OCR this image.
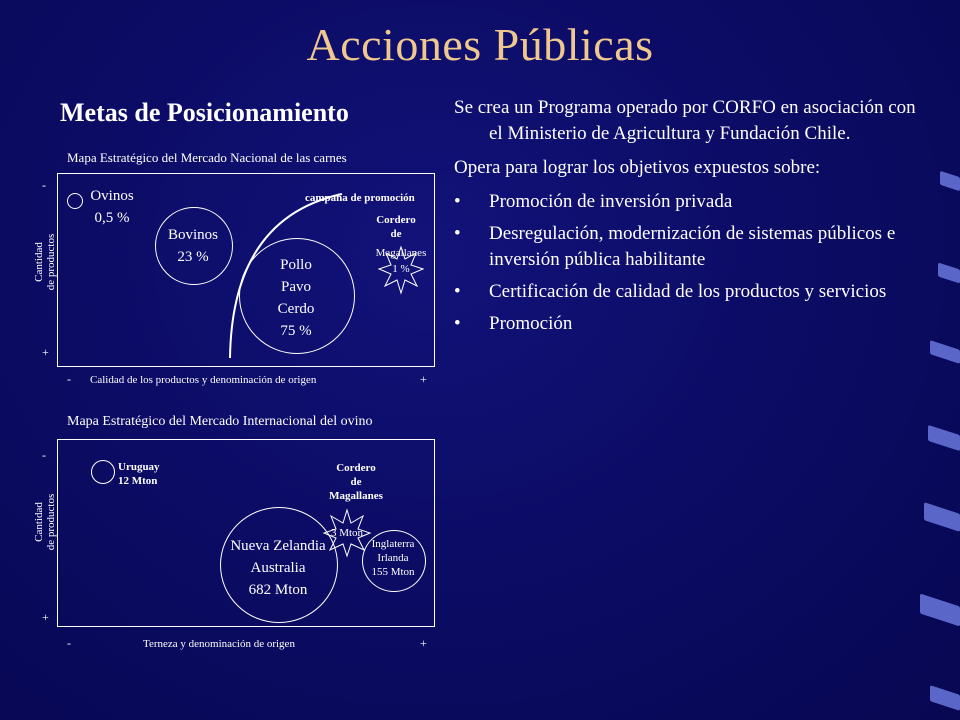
Acciones Públicas
Metas de Posicionamiento
Mapa Estratégico del Mercado Nacional de las carnes
-
+
Cantidad de productos
- Calidad de los productos y denominación de origen	+
Ovinos
0,5 %
Bovinos
23 %
campaña de promoción
Pollo
Pavo
Cerdo
75 %
Cordero
de
Magallanes
1 %
Mapa Estratégico del Mercado Internacional del ovino
-
+
Cantidad de productos
-	Terneza y denominación de origen	+
Uruguay
12 Mton
Cordero
de
Magallanes
Nueva Zelandia
Australia
682 Mton
3 Mton
Inglaterra
Irlanda
155 Mton
Se crea un Programa operado por CORFO en asociación con el Ministerio de Agricultura y Fundación Chile.
Opera para lograr los objetivos expuestos sobre:
• Promoción de inversión privada
• Desregulación, modernización de sistemas públicos e inversión pública habilitante
• Certificación de calidad de los productos y servicios
• Promoción
